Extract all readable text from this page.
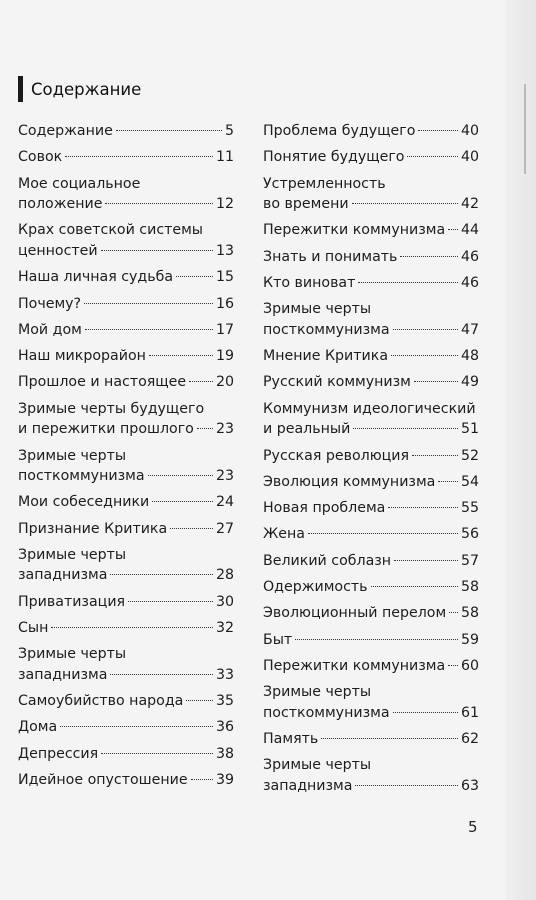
Содержание
Содержание	5
Совок	11
Мое социальное
положение	12
Крах советской системы
ценностей	13
Наша личная судьба	15
Почему?	16
Мой дом	17
Наш микрорайон	19
Прошлое и настоящее 20
Зримые черты будущего
и пережитки прошлого 23
Зримые черты
посткоммунизма	23
Мои собеседники	24
Признание Критика	27
Зримые черты
западнизма	28
Приватизация	30
Сын	32
Зримые черты
западнизма	33
Самоубийство народа 35
Дома	36
Депрессия	38
Идейное опустошение 39
Проблема будущего	40
Понятие будущего	40
Устремленность
во времени	42
Пережитки коммунизма 44
Знать и понимать	46
Кто виноват	46
Зримые черты
посткоммунизма	47
Мнение Критика	48
Русский коммунизм	49
Коммунизм идеологический
и реальный	51
Русская революция	52
Эволюция коммунизма 54
Новая проблема	55
Жена	56
Великий соблазн	57
Одержимость	58
Эволюционный перелом 58
Быт	59
Пережитки коммунизма 60
Зримые черты
посткоммунизма	61
Память	62
Зримые черты
западнизма	63
5
